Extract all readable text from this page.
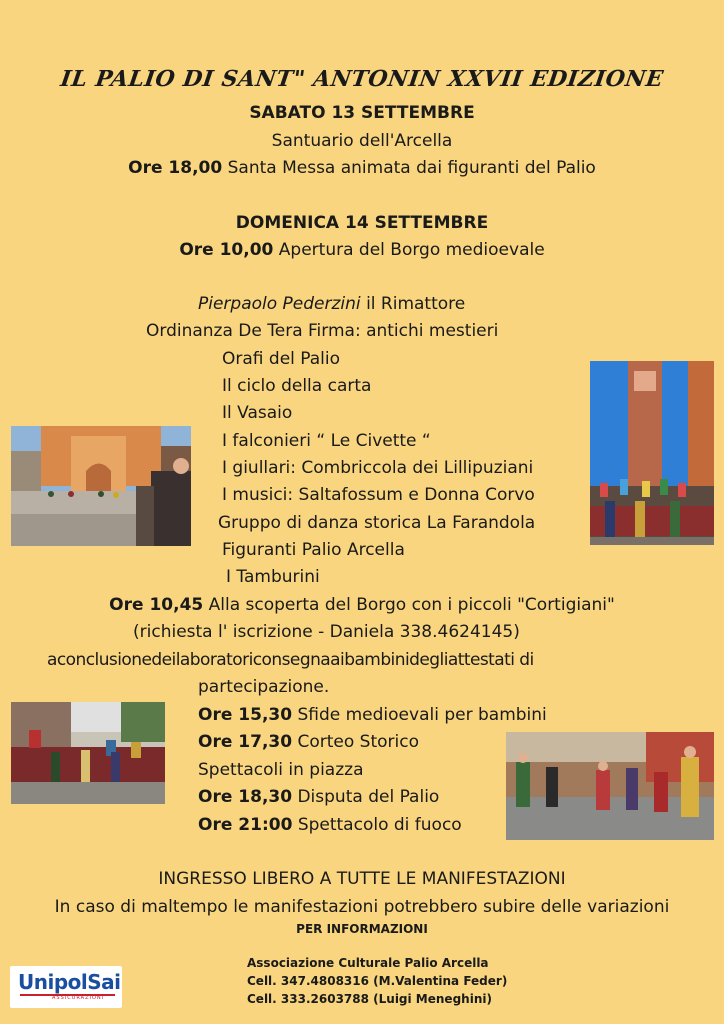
IL PALIO DI SANT" ANTONIN XXVII EDIZIONE
SABATO 13 SETTEMBRE
Santuario dell'Arcella
Ore 18,00 Santa Messa animata dai figuranti del Palio
DOMENICA 14 SETTEMBRE
Ore 10,00 Apertura del Borgo medioevale
Pierpaolo Pederzini il Rimattore
Ordinanza De Tera Firma: antichi mestieri
Orafi del Palio
Il ciclo della carta
Il Vasaio
I falconieri “ Le Civette “
I giullari: Combriccola dei Lillipuziani
I musici: Saltafossum e Donna Corvo
Gruppo di danza storica La Farandola
Figuranti Palio Arcella
I Tamburini
Ore 10,45 Alla scoperta del Borgo con i piccoli "Cortigiani"
(richiesta l' iscrizione - Daniela 338.4624145)
aconclusionedeilaboratoriconsegnaaibambinidegliattestati di
partecipazione.
Ore 15,30 Sfide medioevali per bambini
Ore 17,30 Corteo Storico
Spettacoli in piazza
Ore 18,30 Disputa del Palio
Ore 21:00 Spettacolo di fuoco
INGRESSO LIBERO A TUTTE LE MANIFESTAZIONI
In caso di maltempo le manifestazioni potrebbero subire delle variazioni
PER INFORMAZIONI
Associazione Culturale Palio Arcella
Cell. 347.4808316 (M.Valentina Feder)
Cell. 333.2603788 (Luigi Meneghini)
UnipolSai
ASSICURAZIONI
